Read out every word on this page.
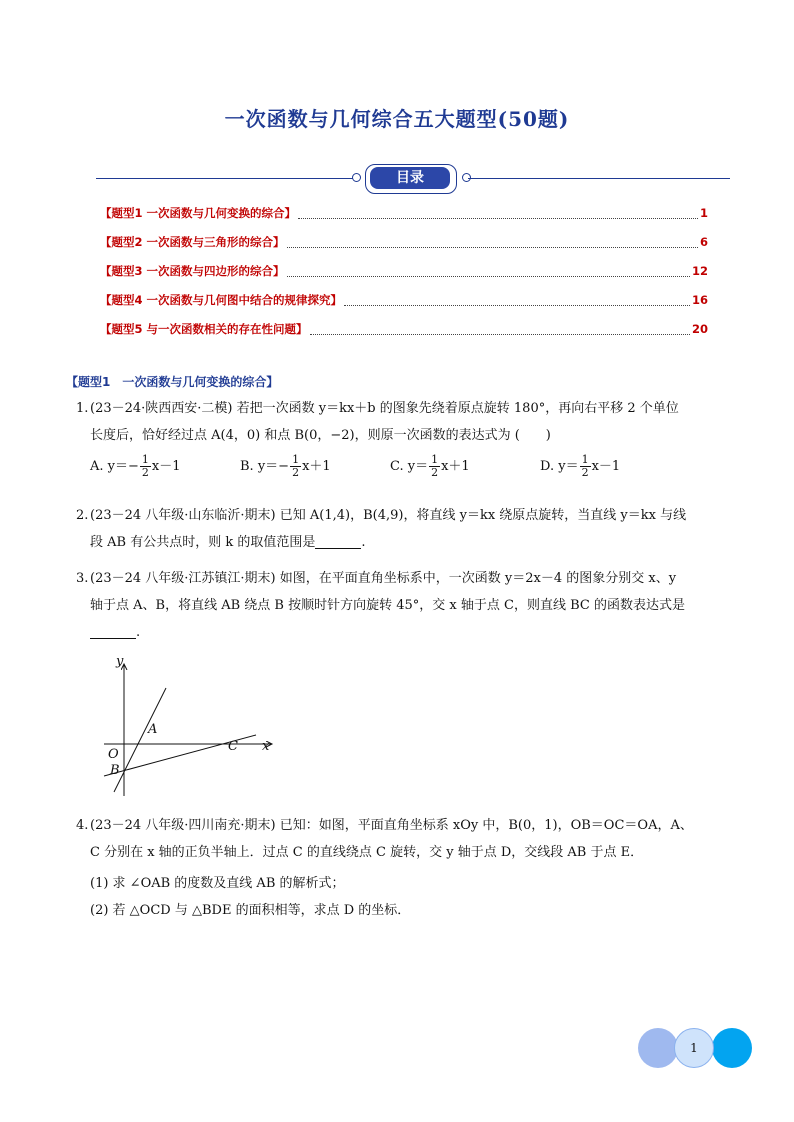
一次函数与几何综合五大题型(50题)
目录
【题型1 一次函数与几何变换的综合】	1
【题型2 一次函数与三角形的综合】	6
【题型3 一次函数与四边形的综合】	12
【题型4 一次函数与几何图中结合的规律探究】	16
【题型5 与一次函数相关的存在性问题】	20
【题型1　一次函数与几何变换的综合】
1. (23－24·陕西西安·二模) 若把一次函数 y＝kx＋b 的图象先绕着原点旋转 180°，再向右平移 2 个单位
长度后，恰好经过点 A(4，0) 和点 B(0，−2)，则原一次函数的表达式为 (　　)
A. $y=- \frac{1}{2} x-1$	B. $y=- \frac{1}{2} x+1$	C. $y= \frac{1}{2} x+1$	D. $y= \frac{1}{2} x-1$
2. (23－24 八年级·山东临沂·期末) 已知 A(1,4)，B(4,9)，将直线 y＝kx 绕原点旋转，当直线 y＝kx 与线
段 AB 有公共点时，则 k 的取值范围是	.
3. (23－24 八年级·江苏镇江·期末) 如图，在平面直角坐标系中，一次函数 y＝2x－4 的图象分别交 x、y
轴于点 A、B，将直线 AB 绕点 B 按顺时针方向旋转 45°，交 x 轴于点 C，则直线 BC 的函数表达式是
.
y
x
O
A
B
C
4. (23－24 八年级·四川南充·期末) 已知：如图，平面直角坐标系 xOy 中，B(0，1)，OB＝OC＝OA，A、
C 分别在 x 轴的正负半轴上．过点 C 的直线绕点 C 旋转，交 y 轴于点 D，交线段 AB 于点 E．
(1) 求 ∠OAB 的度数及直线 AB 的解析式；
(2) 若 △OCD 与 △BDE 的面积相等，求点 D 的坐标．
1
